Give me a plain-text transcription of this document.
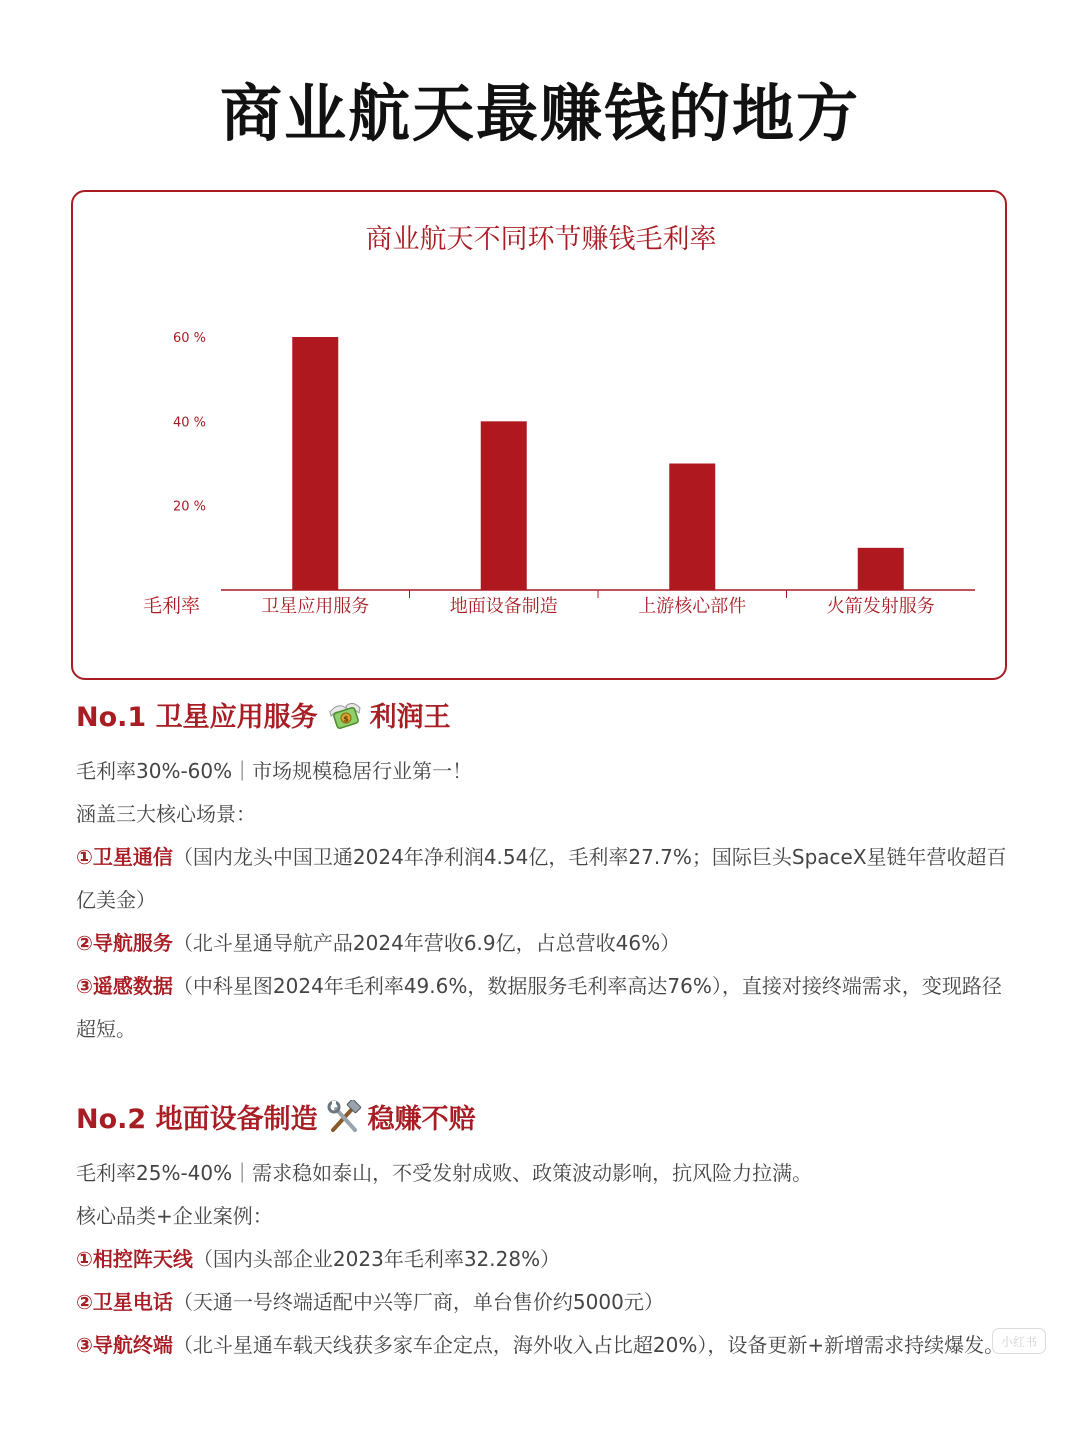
商业航天最赚钱的地方
商业航天不同环节赚钱毛利率
20 %
40 %
60 %
卫星应用服务	地面设备制造	上游核心部件	火箭发射服务
毛利率

No.1 卫星应用服务	$ 利润王

毛利率30%-60%｜市场规模稳居行业第一！

涵盖三大核心场景：

①卫星通信（国内龙头中国卫通2024年净利润4.54亿，毛利率27.7%；国际巨头SpaceX星链年营收超百亿美金）

②导航服务（北斗星通导航产品2024年营收6.9亿，占总营收46%）

③遥感数据（中科星图2024年毛利率49.6%，数据服务毛利率高达76%），直接对接终端需求，变现路径超短。

No.2 地面设备制造 稳赚不赔

毛利率25%-40%｜需求稳如泰山，不受发射成败、政策波动影响，抗风险力拉满。

核心品类+企业案例：

①相控阵天线（国内头部企业2023年毛利率32.28%）

②卫星电话（天通一号终端适配中兴等厂商，单台售价约5000元）

③导航终端（北斗星通车载天线获多家车企定点，海外收入占比超20%），设备更新+新增需求持续爆发。

小红书
